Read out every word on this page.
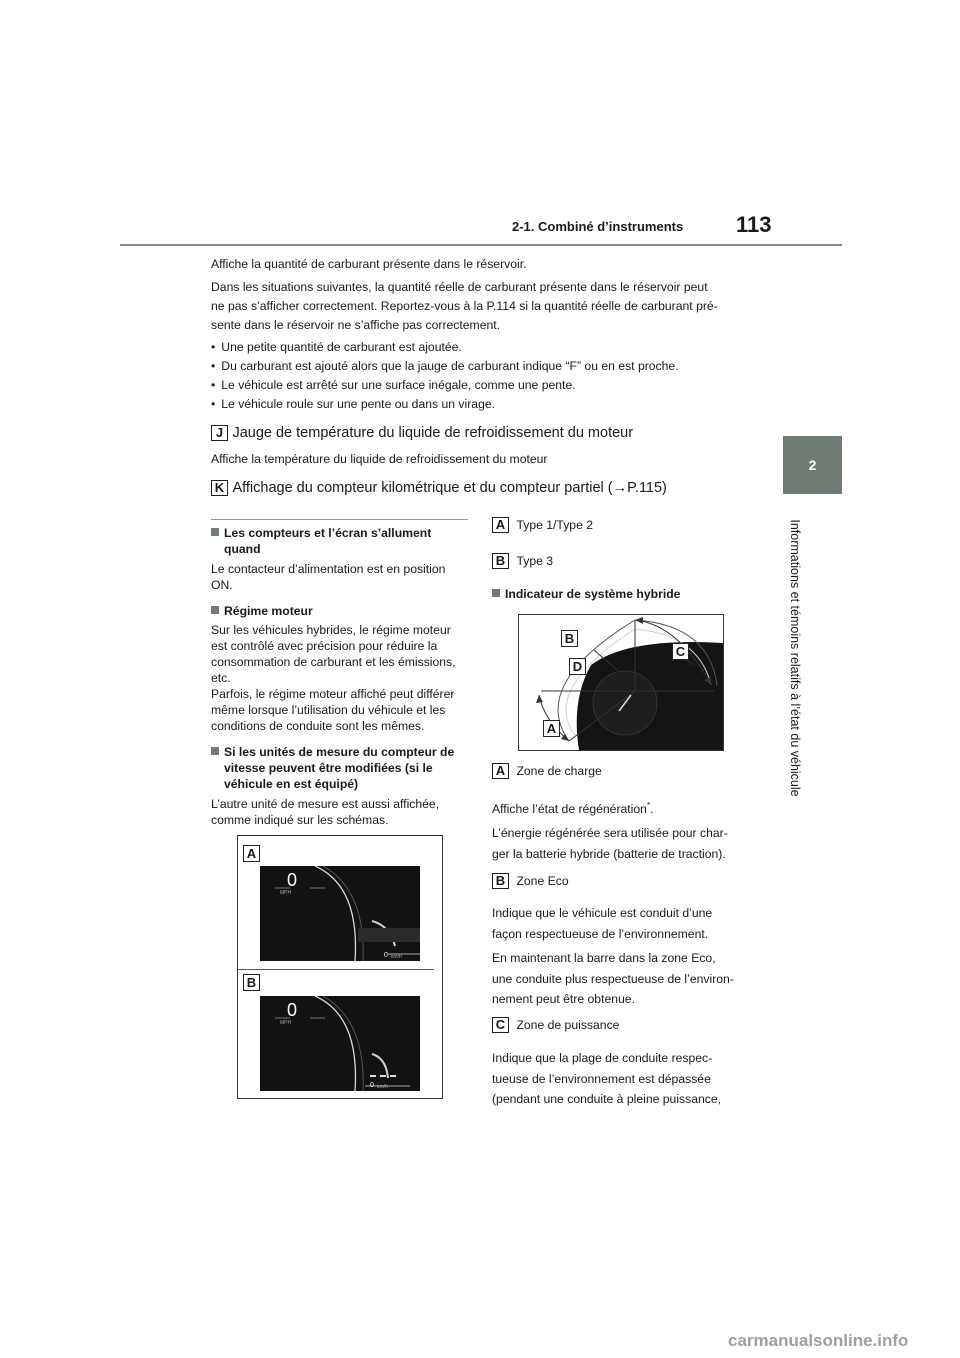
2-1. Combiné d’instruments 113
2
Informations et témoins relatifs à l’état du véhicule

Affiche la quantité de carburant présente dans le réservoir.

Dans les situations suivantes, la quantité réelle de carburant présente dans le réservoir peut

ne pas s’afficher correctement. Reportez-vous à la P.114 si la quantité réelle de carburant pré-

sente dans le réservoir ne s’affiche pas correctement.

• Une petite quantité de carburant est ajoutée.

• Du carburant est ajouté alors que la jauge de carburant indique “F” ou en est proche.

• Le véhicule est arrêté sur une surface inégale, comme une pente.

• Le véhicule roule sur une pente ou dans un virage.

J Jauge de température du liquide de refroidissement du moteur
Affiche la température du liquide de refroidissement du moteur
K Affichage du compteur kilométrique et du compteur partiel (→P.115)
Les compteurs et l’écran s’allument
quand
Le contacteur d’alimentation est en position
ON.
Régime moteur
Sur les véhicules hybrides, le régime moteur
est contrôlé avec précision pour réduire la
consommation de carburant et les émissions,
etc.
Parfois, le régime moteur affiché peut différer
même lorsque l’utilisation du véhicule et les
conditions de conduite sont les mêmes.
Si les unités de mesure du compteur de
vitesse peuvent être modifiées (si le
véhicule en est équipé)
L’autre unité de mesure est aussi affichée,
comme indiqué sur les schémas.
A
B
0
MPH
0 km/h
0
MPH
0 km/h
A Type 1/Type 2
B Type 3
Indicateur de système hybride
B
D
C
A
A Zone de charge
Affiche l’état de régénération*.
L’énergie régénérée sera utilisée pour char-
ger la batterie hybride (batterie de traction).
B Zone Eco
Indique que le véhicule est conduit d’une
façon respectueuse de l’environnement.
En maintenant la barre dans la zone Eco,
une conduite plus respectueuse de l’environ-
nement peut être obtenue.
C Zone de puissance
Indique que la plage de conduite respec-
tueuse de l’environnement est dépassée
(pendant une conduite à pleine puissance,
carmanualsonline.info
